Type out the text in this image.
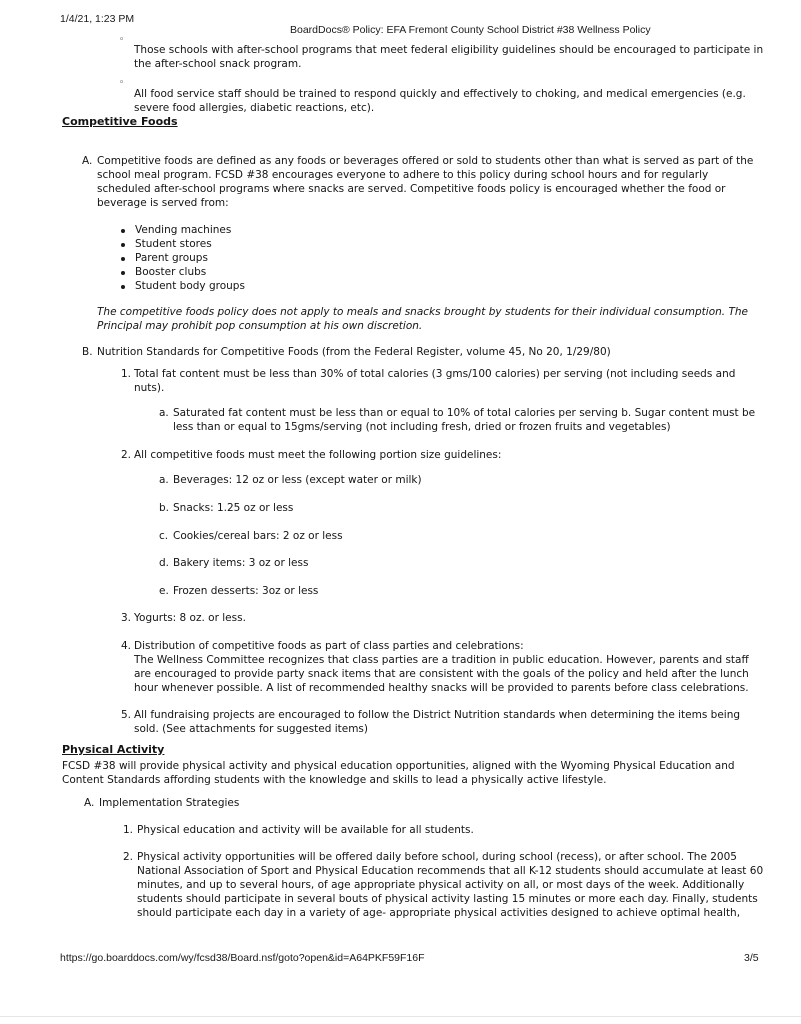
1/4/21, 1:23 PM
BoardDocs® Policy: EFA Fremont County School District #38 Wellness Policy
◦
Those schools with after-school programs that meet federal eligibility guidelines should be encouraged to participate in
the after-school snack program.
◦
All food service staff should be trained to respond quickly and effectively to choking, and medical emergencies (e.g.
severe food allergies, diabetic reactions, etc).
Competitive Foods
A. Competitive foods are defined as any foods or beverages offered or sold to students other than what is served as part of the
school meal program. FCSD #38 encourages everyone to adhere to this policy during school hours and for regularly
scheduled after-school programs where snacks are served. Competitive foods policy is encouraged whether the food or
beverage is served from:
Vending machines
Student stores
Parent groups
Booster clubs
Student body groups
The competitive foods policy does not apply to meals and snacks brought by students for their individual consumption. The
Principal may prohibit pop consumption at his own discretion.
B. Nutrition Standards for Competitive Foods (from the Federal Register, volume 45, No 20, 1/29/80)
1. Total fat content must be less than 30% of total calories (3 gms/100 calories) per serving (not including seeds and
nuts).
a. Saturated fat content must be less than or equal to 10% of total calories per serving b. Sugar content must be
less than or equal to 15gms/serving (not including fresh, dried or frozen fruits and vegetables)
2. All competitive foods must meet the following portion size guidelines:
a. Beverages: 12 oz or less (except water or milk)
b. Snacks: 1.25 oz or less
c. Cookies/cereal bars: 2 oz or less
d. Bakery items: 3 oz or less
e. Frozen desserts: 3oz or less
3. Yogurts: 8 oz. or less.
4. Distribution of competitive foods as part of class parties and celebrations:
The Wellness Committee recognizes that class parties are a tradition in public education. However, parents and staff
are encouraged to provide party snack items that are consistent with the goals of the policy and held after the lunch
hour whenever possible. A list of recommended healthy snacks will be provided to parents before class celebrations.
5. All fundraising projects are encouraged to follow the District Nutrition standards when determining the items being
sold. (See attachments for suggested items)
Physical Activity
FCSD #38 will provide physical activity and physical education opportunities, aligned with the Wyoming Physical Education and
Content Standards affording students with the knowledge and skills to lead a physically active lifestyle.
A. Implementation Strategies
1. Physical education and activity will be available for all students.
2. Physical activity opportunities will be offered daily before school, during school (recess), or after school. The 2005
National Association of Sport and Physical Education recommends that all K-12 students should accumulate at least 60
minutes, and up to several hours, of age appropriate physical activity on all, or most days of the week. Additionally
students should participate in several bouts of physical activity lasting 15 minutes or more each day. Finally, students
should participate each day in a variety of age- appropriate physical activities designed to achieve optimal health,
https://go.boarddocs.com/wy/fcsd38/Board.nsf/goto?open&id=A64PKF59F16F	3/5
